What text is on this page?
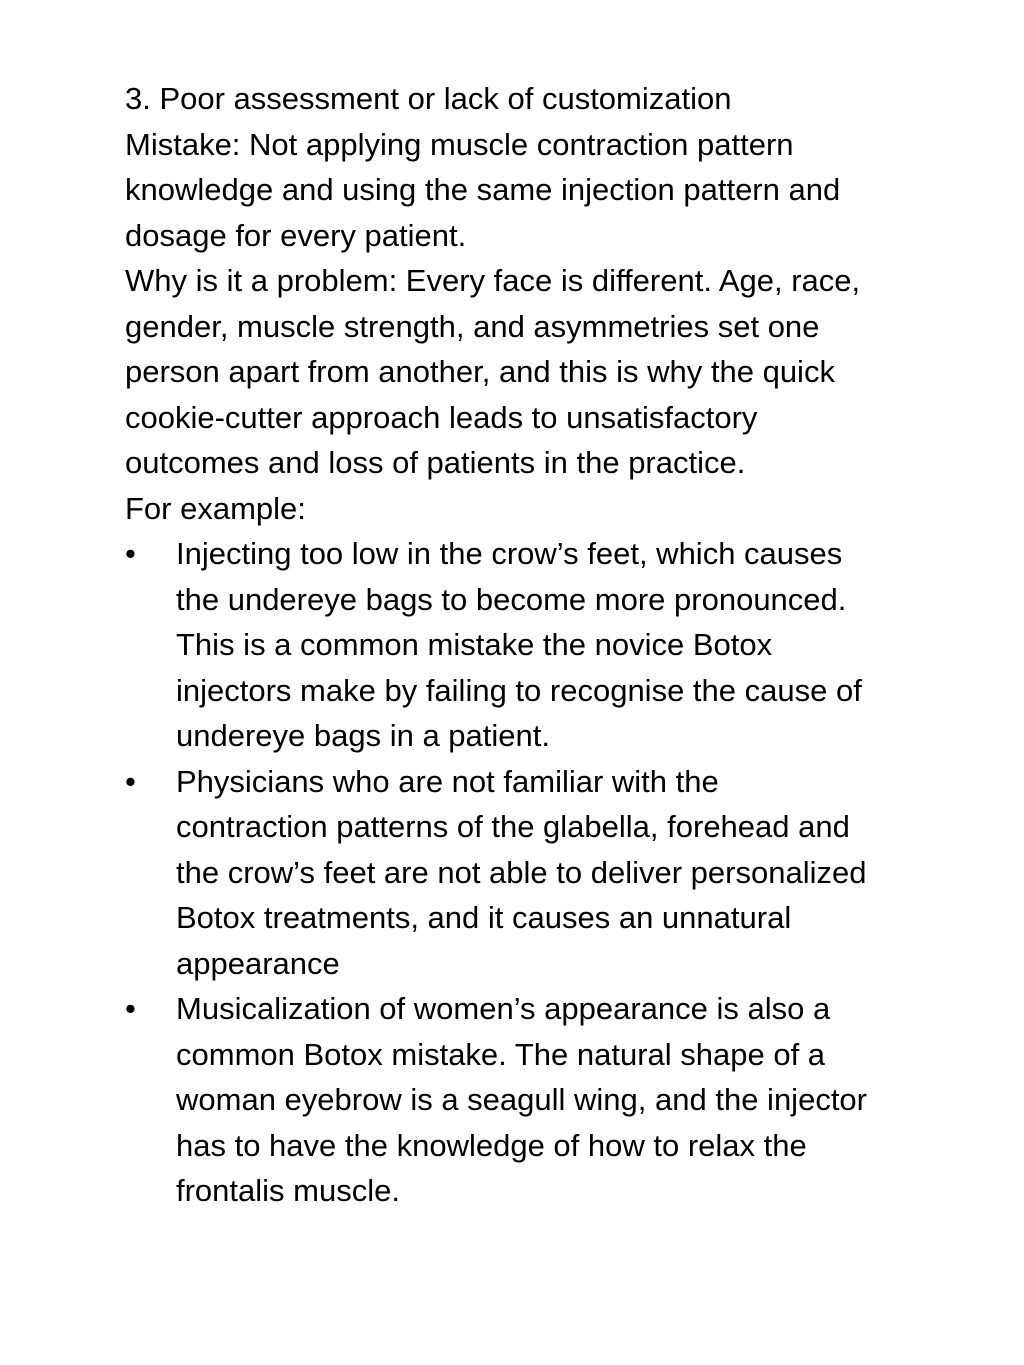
3. Poor assessment or lack of customization

Mistake: Not applying muscle contraction pattern knowledge and using the same injection pattern and dosage for every patient.

Why is it a problem: Every face is different. Age, race, gender, muscle strength, and asymmetries set one person apart from another, and this is why the quick cookie-cutter approach leads to unsatisfactory outcomes and loss of patients in the practice.

For example:

• Injecting too low in the crow’s feet, which causes the undereye bags to become more pronounced. This is a common mistake the novice Botox injectors make by failing to recognise the cause of undereye bags in a patient.
• Physicians who are not familiar with the contraction patterns of the glabella, forehead and the crow’s feet are not able to deliver personalized Botox treatments, and it causes an unnatural appearance
• Musicalization of women’s appearance is also a common Botox mistake. The natural shape of a woman eyebrow is a seagull wing, and the injector has to have the knowledge of how to relax the frontalis muscle.
